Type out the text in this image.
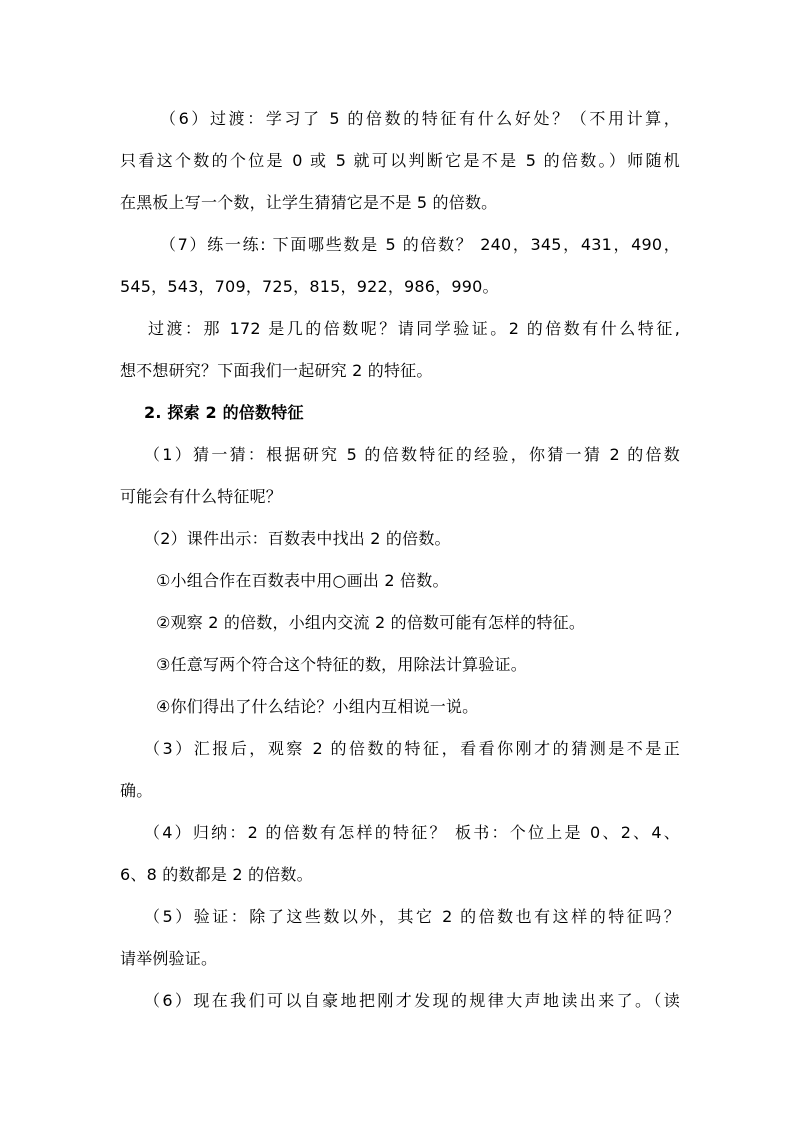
（6）过渡：学习了 5 的倍数的特征有什么好处？（不用计算，
只看这个数的个位是 0 或 5 就可以判断它是不是 5 的倍数。）师随机
在黑板上写一个数，让学生猜猜它是不是 5 的倍数。
（7）练一练: 下面哪些数是 5 的倍数？ 240，345，431，490，
545，543，709，725，815，922，986，990。
过渡：那 172 是几的倍数呢？请同学验证。2 的倍数有什么特征,
想不想研究？下面我们一起研究 2 的特征。
2. 探索 2 的倍数特征
（1）猜一猜：根据研究 5 的倍数特征的经验，你猜一猜 2 的倍数
可能会有什么特征呢？
（2）课件出示：百数表中找出 2 的倍数。
①小组合作在百数表中用○画出 2 倍数。
②观察 2 的倍数，小组内交流 2 的倍数可能有怎样的特征。
③任意写两个符合这个特征的数，用除法计算验证。
④你们得出了什么结论？小组内互相说一说。
（3）汇报后，观察 2 的倍数的特征，看看你刚才的猜测是不是正
确。
（4）归纳：2 的倍数有怎样的特征？ 板书：个位上是 0、2、4、
6、8 的数都是 2 的倍数。
（5）验证：除了这些数以外，其它 2 的倍数也有这样的特征吗？
请举例验证。
（6）现在我们可以自豪地把刚才发现的规律大声地读出来了。（读
